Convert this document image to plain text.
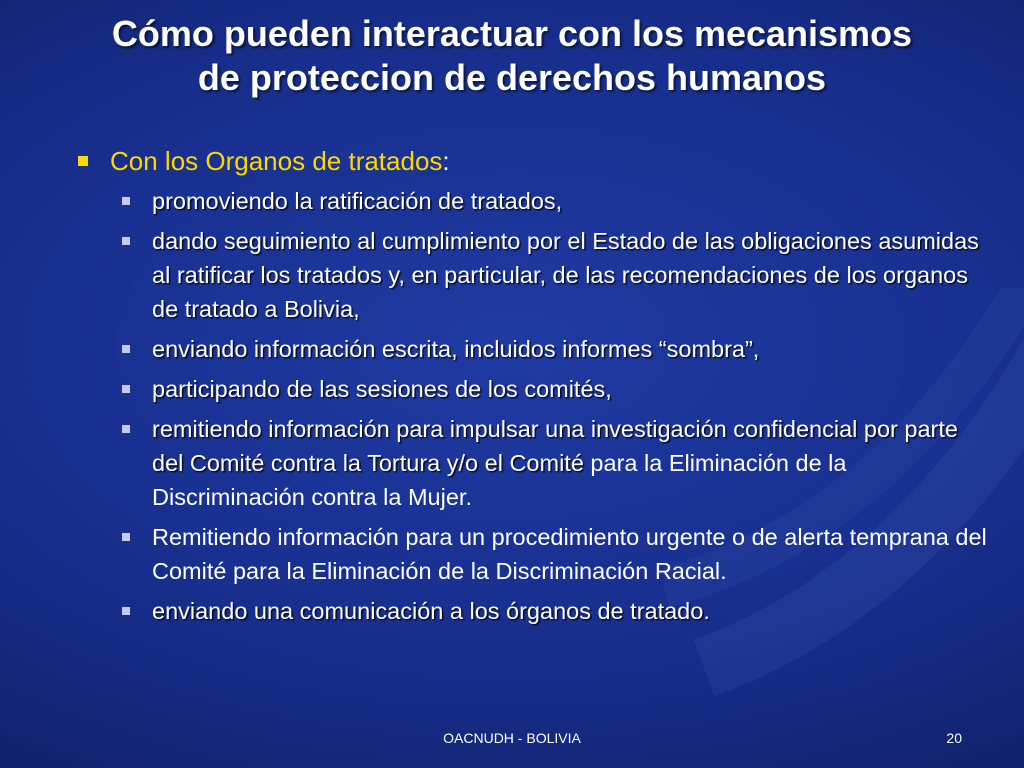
Cómo pueden interactuar con los mecanismos
de proteccion de derechos humanos
Con los Organos de tratados:
promoviendo la ratificación de tratados,
dando seguimiento al cumplimiento por el Estado de las obligaciones asumidas al ratificar los tratados y, en particular, de las recomendaciones de los organos de tratado a Bolivia,
enviando información escrita, incluidos informes “sombra”,
participando de las sesiones de los comités,
remitiendo información para impulsar una investigación confidencial por parte del Comité contra la Tortura y/o el Comité para la Eliminación de la Discriminación contra la Mujer.
Remitiendo información para un procedimiento urgente o de alerta temprana del Comité para la Eliminación de la Discriminación Racial.
enviando una comunicación a los órganos de tratado.
OACNUDH - BOLIVIA	20
